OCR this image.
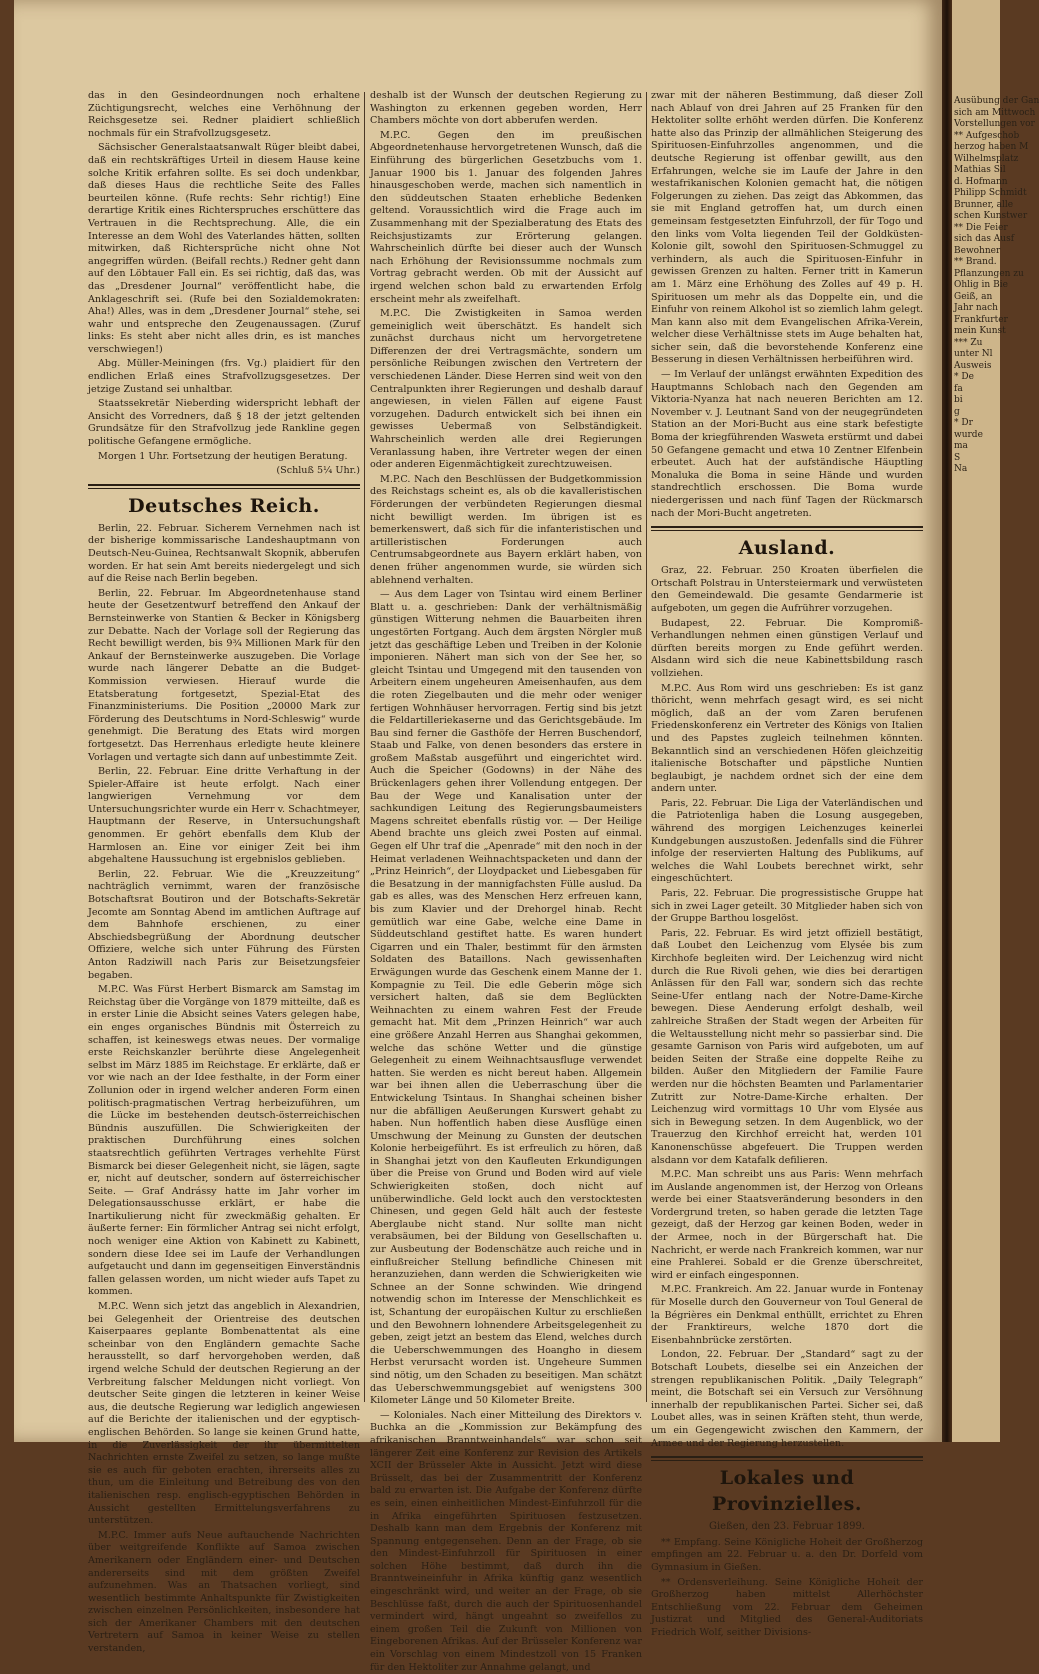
das in den Gesindeordnungen noch erhaltene Züchtigungsrecht, welches eine Verhöhnung der Reichsgesetze sei. Redner plaidiert schließlich nochmals für ein Strafvollzugsgesetz.

Sächsischer Generalstaatsanwalt Rüger bleibt dabei, daß ein rechtskräftiges Urteil in diesem Hause keine solche Kritik erfahren sollte. Es sei doch undenkbar, daß dieses Haus die rechtliche Seite des Falles beurteilen könne. (Rufe rechts: Sehr richtig!) Eine derartige Kritik eines Richterspruches erschüttere das Vertrauen in die Rechtsprechung. Alle, die ein Interesse an dem Wohl des Vaterlandes hätten, sollten mitwirken, daß Richtersprüche nicht ohne Not angegriffen würden. (Beifall rechts.) Redner geht dann auf den Löbtauer Fall ein. Es sei richtig, daß das, was das „Dresdener Journal“ veröffentlicht habe, die Anklageschrift sei. (Rufe bei den Sozialdemokraten: Aha!) Alles, was in dem „Dresdener Journal“ stehe, sei wahr und entspreche den Zeugenaussagen. (Zuruf links: Es steht aber nicht alles drin, es ist manches verschwiegen!)

Abg. Müller-Meiningen (frs. Vg.) plaidiert für den endlichen Erlaß eines Strafvollzugsgesetzes. Der jetzige Zustand sei unhaltbar.

Staatssekretär Nieberding widerspricht lebhaft der Ansicht des Vorredners, daß § 18 der jetzt geltenden Grundsätze für den Strafvollzug jede Rankline gegen politische Gefangene ermögliche.

Morgen 1 Uhr. Fortsetzung der heutigen Beratung.

(Schluß 5¼ Uhr.)
Deutsches Reich.

Berlin, 22. Februar. Sicherem Vernehmen nach ist der bisherige kommissarische Landeshauptmann von Deutsch-Neu-Guinea, Rechtsanwalt Skopnik, abberufen worden. Er hat sein Amt bereits niedergelegt und sich auf die Reise nach Berlin begeben.

Berlin, 22. Februar. Im Abgeordnetenhause stand heute der Gesetzentwurf betreffend den Ankauf der Bernsteinwerke von Stantien & Becker in Königsberg zur Debatte. Nach der Vorlage soll der Regierung das Recht bewilligt werden, bis 9¾ Millionen Mark für den Ankauf der Bernsteinwerke auszugeben. Die Vorlage wurde nach längerer Debatte an die Budget-Kommission verwiesen. Hierauf wurde die Etatsberatung fortgesetzt, Spezial-Etat des Finanzministeriums. Die Position „20000 Mark zur Förderung des Deutschtums in Nord-Schleswig“ wurde genehmigt. Die Beratung des Etats wird morgen fortgesetzt. Das Herrenhaus erledigte heute kleinere Vorlagen und vertagte sich dann auf unbestimmte Zeit.

Berlin, 22. Februar. Eine dritte Verhaftung in der Spieler-Affaire ist heute erfolgt. Nach einer langwierigen Vernehmung vor dem Untersuchungsrichter wurde ein Herr v. Schachtmeyer, Hauptmann der Reserve, in Untersuchungshaft genommen. Er gehört ebenfalls dem Klub der Harmlosen an. Eine vor einiger Zeit bei ihm abgehaltene Haussuchung ist ergebnislos geblieben.

Berlin, 22. Februar. Wie die „Kreuzzeitung“ nachträglich vernimmt, waren der französische Botschaftsrat Boutiron und der Botschafts-Sekretär Jecomte am Sonntag Abend im amtlichen Auftrage auf dem Bahnhofe erschienen, zu einer Abschiedsbegrüßung der Abordnung deutscher Offiziere, welche sich unter Führung des Fürsten Anton Radziwill nach Paris zur Beisetzungsfeier begaben.

M.P.C. Was Fürst Herbert Bismarck am Samstag im Reichstag über die Vorgänge von 1879 mitteilte, daß es in erster Linie die Absicht seines Vaters gelegen habe, ein enges organisches Bündnis mit Österreich zu schaffen, ist keineswegs etwas neues. Der vormalige erste Reichskanzler berührte diese Angelegenheit selbst im März 1885 im Reichstage. Er erklärte, daß er vor wie nach an der Idee festhalte, in der Form einer Zollunion oder in irgend welcher anderen Form einen politisch-pragmatischen Vertrag herbeizuführen, um die Lücke im bestehenden deutsch-österreichischen Bündnis auszufüllen. Die Schwierigkeiten der praktischen Durchführung eines solchen staatsrechtlich geführten Vertrages verhehlte Fürst Bismarck bei dieser Gelegenheit nicht, sie lägen, sagte er, nicht auf deutscher, sondern auf österreichischer Seite. — Graf Andrássy hatte im Jahr vorher im Delegationsausschusse erklärt, er habe die Inartikulierung nicht für zweckmäßig gehalten. Er äußerte ferner: Ein förmlicher Antrag sei nicht erfolgt, noch weniger eine Aktion von Kabinett zu Kabinett, sondern diese Idee sei im Laufe der Verhandlungen aufgetaucht und dann im gegenseitigen Einverständnis fallen gelassen worden, um nicht wieder aufs Tapet zu kommen.

M.P.C. Wenn sich jetzt das angeblich in Alexandrien, bei Gelegenheit der Orientreise des deutschen Kaiserpaares geplante Bombenattentat als eine scheinbar von den Engländern gemachte Sache herausstellt, so darf hervorgehoben werden, daß irgend welche Schuld der deutschen Regierung an der Verbreitung falscher Meldungen nicht vorliegt. Von deutscher Seite gingen die letzteren in keiner Weise aus, die deutsche Regierung war lediglich angewiesen auf die Berichte der italienischen und der egyptisch-englischen Behörden. So lange sie keinen Grund hatte, in die Zuverlässigkeit der ihr übermittelten Nachrichten ernste Zweifel zu setzen, so lange mußte sie es auch für geboten erachten, ihrerseits alles zu thun, um die Einleitung und Betreibung des von den italienischen resp. englisch-egyptischen Behörden in Aussicht gestellten Ermittelungsverfahrens zu unterstützen.

M.P.C. Immer aufs Neue auftauchende Nachrichten über weitgreifende Konflikte auf Samoa zwischen Amerikanern oder Engländern einer- und Deutschen andererseits sind mit dem größten Zweifel aufzunehmen. Was an Thatsachen vorliegt, sind wesentlich bestimmte Anhaltspunkte für Zwistigkeiten zwischen einzelnen Persönlichkeiten, insbesondere hat sich der Amerikaner Chambers mit den deutschen Vertretern auf Samoa in keiner Weise zu stellen verstanden,

deshalb ist der Wunsch der deutschen Regierung zu Washington zu erkennen gegeben worden, Herr Chambers möchte von dort abberufen werden.

M.P.C. Gegen den im preußischen Abgeordnetenhause hervorgetretenen Wunsch, daß die Einführung des bürgerlichen Gesetzbuchs vom 1. Januar 1900 bis 1. Januar des folgenden Jahres hinausgeschoben werde, machen sich namentlich in den süddeutschen Staaten erhebliche Bedenken geltend. Voraussichtlich wird die Frage auch im Zusammenhang mit der Spezialberatung des Etats des Reichsjustizamts zur Erörterung gelangen. Wahrscheinlich dürfte bei dieser auch der Wunsch nach Erhöhung der Revisionssumme nochmals zum Vortrag gebracht werden. Ob mit der Aussicht auf irgend welchen schon bald zu erwartenden Erfolg erscheint mehr als zweifelhaft.

M.P.C. Die Zwistigkeiten in Samoa werden gemeiniglich weit überschätzt. Es handelt sich zunächst durchaus nicht um hervorgetretene Differenzen der drei Vertragsmächte, sondern um persönliche Reibungen zwischen den Vertretern der verschiedenen Länder. Diese Herren sind weit von den Centralpunkten ihrer Regierungen und deshalb darauf angewiesen, in vielen Fällen auf eigene Faust vorzugehen. Dadurch entwickelt sich bei ihnen ein gewisses Uebermaß von Selbständigkeit. Wahrscheinlich werden alle drei Regierungen Veranlassung haben, ihre Vertreter wegen der einen oder anderen Eigenmächtigkeit zurechtzuweisen.

M.P.C. Nach den Beschlüssen der Budgetkommission des Reichstags scheint es, als ob die kavalleristischen Förderungen der verbündeten Regierungen diesmal nicht bewilligt werden. Im übrigen ist es bemerkenswert, daß sich für die infanteristischen und artilleristischen Forderungen auch Centrumsabgeordnete aus Bayern erklärt haben, von denen früher angenommen wurde, sie würden sich ablehnend verhalten.

— Aus dem Lager von Tsintau wird einem Berliner Blatt u. a. geschrieben: Dank der verhältnismäßig günstigen Witterung nehmen die Bauarbeiten ihren ungestörten Fortgang. Auch dem ärgsten Nörgler muß jetzt das geschäftige Leben und Treiben in der Kolonie imponieren. Nähert man sich von der See her, so gleicht Tsintau und Umgegend mit den tausenden von Arbeitern einem ungeheuren Ameisenhaufen, aus dem die roten Ziegelbauten und die mehr oder weniger fertigen Wohnhäuser hervorragen. Fertig sind bis jetzt die Feldartilleriekaserne und das Gerichtsgebäude. Im Bau sind ferner die Gasthöfe der Herren Buschendorf, Staab und Falke, von denen besonders das erstere in großem Maßstab ausgeführt und eingerichtet wird. Auch die Speicher (Godowns) in der Nähe des Brückenlagers gehen ihrer Vollendung entgegen. Der Bau der Wege und Kanalisation unter der sachkundigen Leitung des Regierungsbaumeisters Magens schreitet ebenfalls rüstig vor. — Der Heilige Abend brachte uns gleich zwei Posten auf einmal. Gegen elf Uhr traf die „Apenrade“ mit den noch in der Heimat verladenen Weihnachtspacketen und dann der „Prinz Heinrich“, der Lloydpacket und Liebesgaben für die Besatzung in der mannigfachsten Fülle auslud. Da gab es alles, was des Menschen Herz erfreuen kann, bis zum Klavier und der Drehorgel hinab. Recht gemütlich war eine Gabe, welche eine Dame in Süddeutschland gestiftet hatte. Es waren hundert Cigarren und ein Thaler, bestimmt für den ärmsten Soldaten des Bataillons. Nach gewissenhaften Erwägungen wurde das Geschenk einem Manne der 1. Kompagnie zu Teil. Die edle Geberin möge sich versichert halten, daß sie dem Beglückten Weihnachten zu einem wahren Fest der Freude gemacht hat. Mit dem „Prinzen Heinrich“ war auch eine größere Anzahl Herren aus Shanghai gekommen, welche das schöne Wetter und die günstige Gelegenheit zu einem Weihnachtsausfluge verwendet hatten. Sie werden es nicht bereut haben. Allgemein war bei ihnen allen die Ueberraschung über die Entwickelung Tsintaus. In Shanghai scheinen bisher nur die abfälligen Aeußerungen Kurswert gehabt zu haben. Nun hoffentlich haben diese Ausflüge einen Umschwung der Meinung zu Gunsten der deutschen Kolonie herbeigeführt. Es ist erfreulich zu hören, daß in Shanghai jetzt von den Kaufleuten Erkundigungen über die Preise von Grund und Boden wird auf viele Schwierigkeiten stoßen, doch nicht auf unüberwindliche. Geld lockt auch den verstocktesten Chinesen, und gegen Geld hält auch der festeste Aberglaube nicht stand. Nur sollte man nicht verabsäumen, bei der Bildung von Gesellschaften u. zur Ausbeutung der Bodenschätze auch reiche und in einflußreicher Stellung befindliche Chinesen mit heranzuziehen, dann werden die Schwierigkeiten wie Schnee an der Sonne schwinden. Wie dringend notwendig schon im Interesse der Menschlichkeit es ist, Schantung der europäischen Kultur zu erschließen und den Bewohnern lohnendere Arbeitsgelegenheit zu geben, zeigt jetzt an bestem das Elend, welches durch die Ueberschwemmungen des Hoangho in diesem Herbst verursacht worden ist. Ungeheure Summen sind nötig, um den Schaden zu beseitigen. Man schätzt das Ueberschwemmungsgebiet auf wenigstens 300 Kilometer Länge und 50 Kilometer Breite.

— Koloniales. Nach einer Mitteilung des Direktors v. Buchka an die „Kommission zur Bekämpfung des afrikanischen Branntweinhandels“ war schon seit längerer Zeit eine Konferenz zur Revision des Artikels XCII der Brüsseler Akte in Aussicht. Jetzt wird diese Brüsselt, das bei der Zusammentritt der Konferenz bald zu erwarten ist. Die Aufgabe der Konferenz dürfte es sein, einen einheitlichen Mindest-Einfuhrzoll für die in Afrika eingeführten Spirituosen festzusetzen. Deshalb kann man dem Ergebnis der Konferenz mit Spannung entgegensehen. Denn an der Frage, ob sie den Mindest-Einfuhrzoll für Spirituosen in einer solchen Höhe bestimmt, daß durch ihn die Branntweineinfuhr in Afrika künftig ganz wesentlich eingeschränkt wird, und weiter an der Frage, ob sie Beschlüsse faßt, durch die auch der Spirituosenhandel vermindert wird, hängt ungeahnt so zweifellos zu einem großen Teil die Zukunft von Millionen von Eingeborenen Afrikas. Auf der Brüsseler Konferenz war ein Vorschlag von einem Mindestzoll von 15 Franken für den Hektoliter zur Annahme gelangt, und

zwar mit der näheren Bestimmung, daß dieser Zoll nach Ablauf von drei Jahren auf 25 Franken für den Hektoliter sollte erhöht werden dürfen. Die Konferenz hatte also das Prinzip der allmählichen Steigerung des Spirituosen-Einfuhrzolles angenommen, und die deutsche Regierung ist offenbar gewillt, aus den Erfahrungen, welche sie im Laufe der Jahre in den westafrikanischen Kolonien gemacht hat, die nötigen Folgerungen zu ziehen. Das zeigt das Abkommen, das sie mit England getroffen hat, um durch einen gemeinsam festgesetzten Einfuhrzoll, der für Togo und den links vom Volta liegenden Teil der Goldküsten-Kolonie gilt, sowohl den Spirituosen-Schmuggel zu verhindern, als auch die Spirituosen-Einfuhr in gewissen Grenzen zu halten. Ferner tritt in Kamerun am 1. März eine Erhöhung des Zolles auf 49 p. H. Spirituosen um mehr als das Doppelte ein, und die Einfuhr von reinem Alkohol ist so ziemlich lahm gelegt. Man kann also mit dem Evangelischen Afrika-Verein, welcher diese Verhältnisse stets im Auge behalten hat, sicher sein, daß die bevorstehende Konferenz eine Besserung in diesen Verhältnissen herbeiführen wird.

— Im Verlauf der unlängst erwähnten Expedition des Hauptmanns Schlobach nach den Gegenden am Viktoria-Nyanza hat nach neueren Berichten am 12. November v. J. Leutnant Sand von der neugegründeten Station an der Mori-Bucht aus eine stark befestigte Boma der kriegführenden Wasweta erstürmt und dabei 50 Gefangene gemacht und etwa 10 Zentner Elfenbein erbeutet. Auch hat der aufständische Häuptling Monaluka die Boma in seine Hände und wurden standrechtlich erschossen. Die Boma wurde niedergerissen und nach fünf Tagen der Rückmarsch nach der Mori-Bucht angetreten.

Ausland.

Graz, 22. Februar. 250 Kroaten überfielen die Ortschaft Polstrau in Untersteiermark und verwüsteten den Gemeindewald. Die gesamte Gendarmerie ist aufgeboten, um gegen die Aufrührer vorzugehen.

Budapest, 22. Februar. Die Kompromiß-Verhandlungen nehmen einen günstigen Verlauf und dürften bereits morgen zu Ende geführt werden. Alsdann wird sich die neue Kabinettsbildung rasch vollziehen.

M.P.C. Aus Rom wird uns geschrieben: Es ist ganz thöricht, wenn mehrfach gesagt wird, es sei nicht möglich, daß an der vom Zaren berufenen Friedenskonferenz ein Vertreter des Königs von Italien und des Papstes zugleich teilnehmen könnten. Bekanntlich sind an verschiedenen Höfen gleichzeitig italienische Botschafter und päpstliche Nuntien beglaubigt, je nachdem ordnet sich der eine dem andern unter.

Paris, 22. Februar. Die Liga der Vaterländischen und die Patriotenliga haben die Losung ausgegeben, während des morgigen Leichenzuges keinerlei Kundgebungen auszustoßen. Jedenfalls sind die Führer infolge der reservierten Haltung des Publikums, auf welches die Wahl Loubets berechnet wirkt, sehr eingeschüchtert.

Paris, 22. Februar. Die progressistische Gruppe hat sich in zwei Lager geteilt. 30 Mitglieder haben sich von der Gruppe Barthou losgelöst.

Paris, 22. Februar. Es wird jetzt offiziell bestätigt, daß Loubet den Leichenzug vom Elysée bis zum Kirchhofe begleiten wird. Der Leichenzug wird nicht durch die Rue Rivoli gehen, wie dies bei derartigen Anlässen für den Fall war, sondern sich das rechte Seine-Ufer entlang nach der Notre-Dame-Kirche bewegen. Diese Aenderung erfolgt deshalb, weil zahlreiche Straßen der Stadt wegen der Arbeiten für die Weltausstellung nicht mehr so passierbar sind. Die gesamte Garnison von Paris wird aufgeboten, um auf beiden Seiten der Straße eine doppelte Reihe zu bilden. Außer den Mitgliedern der Familie Faure werden nur die höchsten Beamten und Parlamentarier Zutritt zur Notre-Dame-Kirche erhalten. Der Leichenzug wird vormittags 10 Uhr vom Elysée aus sich in Bewegung setzen. In dem Augenblick, wo der Trauerzug den Kirchhof erreicht hat, werden 101 Kanonenschüsse abgefeuert. Die Truppen werden alsdann vor dem Katafalk defilieren.

M.P.C. Man schreibt uns aus Paris: Wenn mehrfach im Auslande angenommen ist, der Herzog von Orleans werde bei einer Staatsveränderung besonders in den Vordergrund treten, so haben gerade die letzten Tage gezeigt, daß der Herzog gar keinen Boden, weder in der Armee, noch in der Bürgerschaft hat. Die Nachricht, er werde nach Frankreich kommen, war nur eine Prahlerei. Sobald er die Grenze überschreitet, wird er einfach eingesponnen.

M.P.C. Frankreich. Am 22. Januar wurde in Fontenay für Moselle durch den Gouverneur von Toul General de la Bégrières ein Denkmal enthüllt, errichtet zu Ehren der Franktireurs, welche 1870 dort die Eisenbahnbrücke zerstörten.

London, 22. Februar. Der „Standard“ sagt zu der Botschaft Loubets, dieselbe sei ein Anzeichen der strengen republikanischen Politik. „Daily Telegraph“ meint, die Botschaft sei ein Versuch zur Versöhnung innerhalb der republikanischen Partei. Sicher sei, daß Loubet alles, was in seinen Kräften steht, thun werde, um ein Gegengewicht zwischen den Kammern, der Armee und der Regierung herzustellen.

Lokales und Provinzielles.
Gießen, den 23. Februar 1899.

** Empfang. Seine Königliche Hoheit der Großherzog empfingen am 22. Februar u. a. den Dr. Dorfeld vom Gymnasium in Gießen.

** Ordensverleihung. Seine Königliche Hoheit der Großherzog haben mittelst Allerhöchster Entschließung vom 22. Februar dem Geheimen Justizrat und Mitglied des General-Auditoriats Friedrich Wolf, seither Divisions-

Ausübung der Gan
sich am Mittwoch
Vorstellungen vor
** Aufgeschob
herzog haben M
Wilhelmsplatz
Mathias Sil
d. Hofmann
Philipp Schmidt
Brunner, alle
schen Kunstwer
** Die Feier
sich das Ausf
Bewohner
** Brand.
Pflanzungen zu
Ohlig in Bie
Geiß, an
Jahr nach
Frankfurter
mein Kunst
*** Zu
unter Nl
Ausweis
* De
fa
bi
g
* Dr
wurde
ma
S
Na
